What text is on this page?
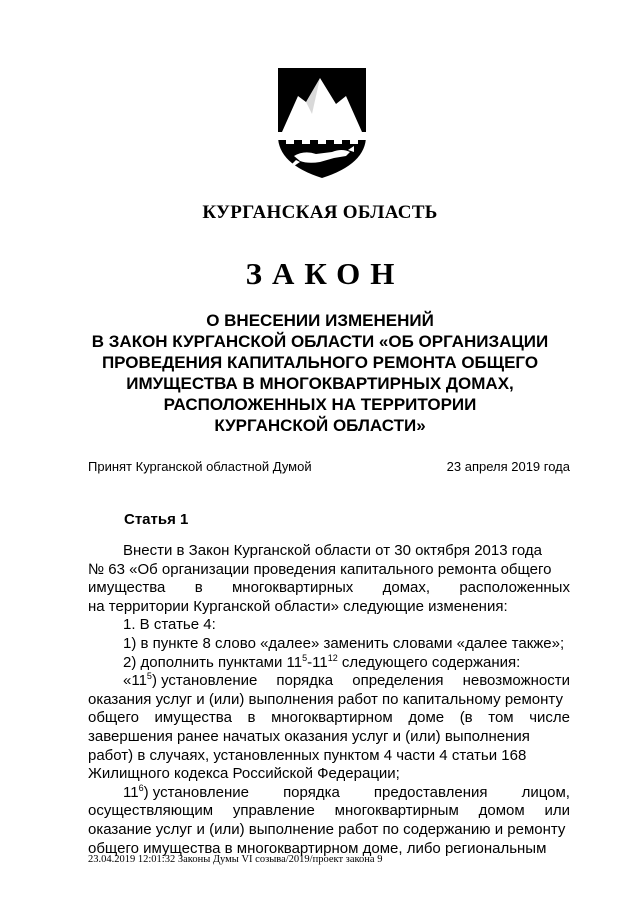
КУРГАНСКАЯ ОБЛАСТЬ
ЗАКОН
О ВНЕСЕНИИ ИЗМЕНЕНИЙ
В ЗАКОН КУРГАНСКОЙ ОБЛАСТИ «ОБ ОРГАНИЗАЦИИ
ПРОВЕДЕНИЯ КАПИТАЛЬНОГО РЕМОНТА ОБЩЕГО
ИМУЩЕСТВА В МНОГОКВАРТИРНЫХ ДОМАХ,
РАСПОЛОЖЕННЫХ НА ТЕРРИТОРИИ
КУРГАНСКОЙ ОБЛАСТИ»
Принят Курганской областной Думой	23 апреля 2019 года
Статья 1
Внести в Закон Курганской области от 30 октября 2013 года
№ 63 «Об организации проведения капитального ремонта общего
имущества в многоквартирных домах, расположенных
на территории Курганской области» следующие изменения:
1. В статье 4:
1) в пункте 8 слово «далее» заменить словами «далее также»;
2) дополнить пунктами $11^5-11^{12}$ следующего содержания:
«$11^5$) установление порядка определения невозможности
оказания услуг и (или) выполнения работ по капитальному ремонту
общего имущества в многоквартирном доме (в том числе
завершения ранее начатых оказания услуг и (или) выполнения
работ) в случаях, установленных пунктом 4 части 4 статьи 168
Жилищного кодекса Российской Федерации;
$11^6$) установление порядка предоставления лицом,
осуществляющим управление многоквартирным домом или
оказание услуг и (или) выполнение работ по содержанию и ремонту
общего имущества в многоквартирном доме, либо региональным
23.04.2019 12:01:32 Законы Думы VI созыва/2019/проект закона 9
